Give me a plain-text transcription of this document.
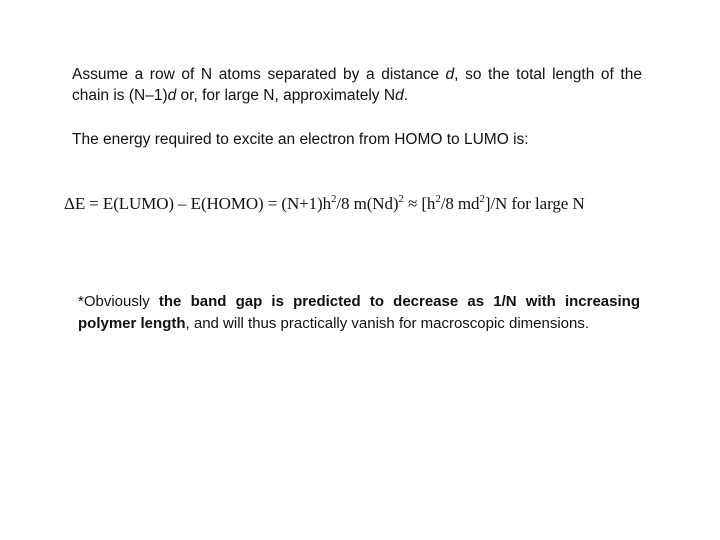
Assume a row of N atoms separated by a distance d, so the total length of the chain is (N–1)d or, for large N, approximately Nd.
The energy required to excite an electron from HOMO to LUMO is:
ΔE = E(LUMO) – E(HOMO) = $(N+1)h^2/8$ $m(Nd)^2 \approx [h^2/8$ $md^2]/N$ for large N
*Obviously the band gap is predicted to decrease as 1/N with increasing polymer length, and will thus practically vanish for macroscopic dimensions.
